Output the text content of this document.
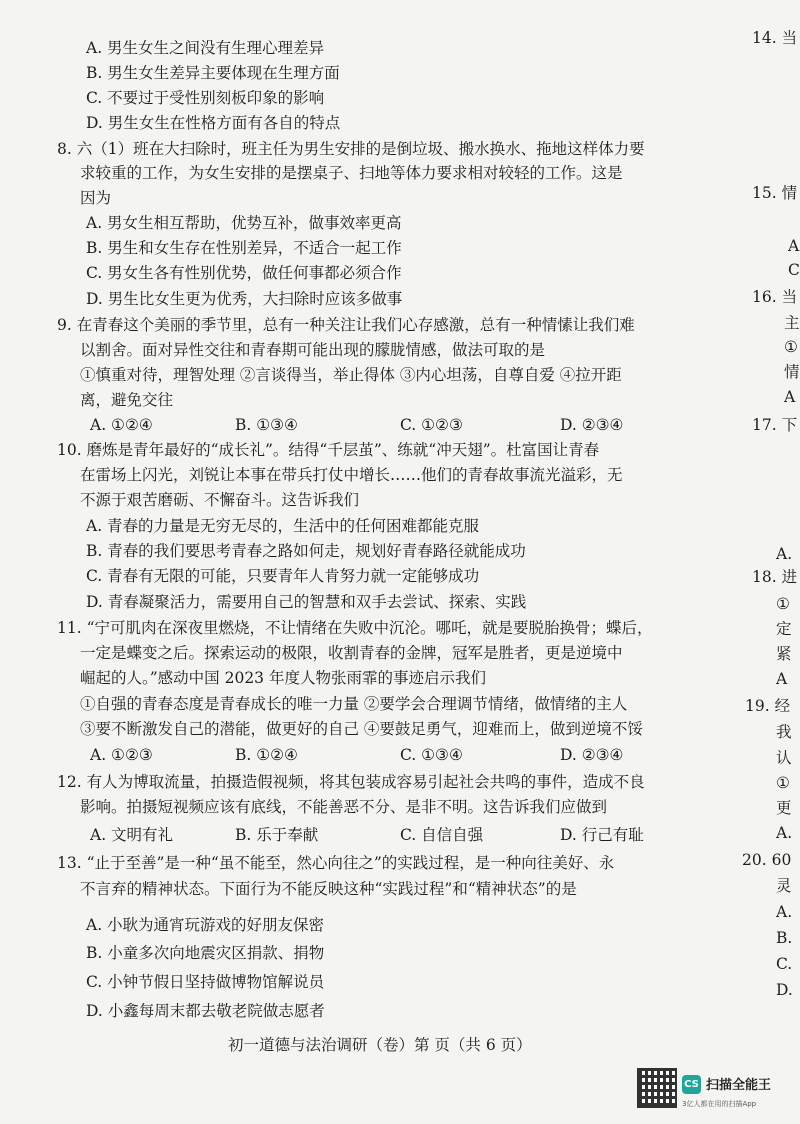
A. 男生女生之间没有生理心理差异
B. 男生女生差异主要体现在生理方面
C. 不要过于受性别刻板印象的影响
D. 男生女生在性格方面有各自的特点
8. 六（1）班在大扫除时，班主任为男生安排的是倒垃圾、搬水换水、拖地这样体力要
求较重的工作，为女生安排的是摆桌子、扫地等体力要求相对较轻的工作。这是
因为
A. 男女生相互帮助，优势互补，做事效率更高
B. 男生和女生存在性别差异，不适合一起工作
C. 男女生各有性别优势，做任何事都必须合作
D. 男生比女生更为优秀，大扫除时应该多做事
9. 在青春这个美丽的季节里，总有一种关注让我们心存感激，总有一种情愫让我们难
以割舍。面对异性交往和青春期可能出现的朦胧情感，做法可取的是
①慎重对待，理智处理 ②言谈得当，举止得体 ③内心坦荡，自尊自爱 ④拉开距
离，避免交往
A. ①②④	B. ①③④	C. ①②③	D. ②③④
10. 磨炼是青年最好的“成长礼”。结得“千层茧”、练就“冲天翅”。杜富国让青春
在雷场上闪光，刘锐让本事在带兵打仗中增长……他们的青春故事流光溢彩，无
不源于艰苦磨砺、不懈奋斗。这告诉我们
A. 青春的力量是无穷无尽的，生活中的任何困难都能克服
B. 青春的我们要思考青春之路如何走，规划好青春路径就能成功
C. 青春有无限的可能，只要青年人肯努力就一定能够成功
D. 青春凝聚活力，需要用自己的智慧和双手去尝试、探索、实践
11. “宁可肌肉在深夜里燃烧，不让情绪在失败中沉沦。哪吒，就是要脱胎换骨；蝶后，
一定是蝶变之后。探索运动的极限，收割青春的金牌，冠军是胜者，更是逆境中
崛起的人。”感动中国 2023 年度人物张雨霏的事迹启示我们
①自强的青春态度是青春成长的唯一力量 ②要学会合理调节情绪，做情绪的主人
③要不断激发自己的潜能，做更好的自己 ④要鼓足勇气，迎难而上，做到逆境不馁
A. ①②③	B. ①②④	C. ①③④	D. ②③④
12. 有人为博取流量，拍摄造假视频，将其包装成容易引起社会共鸣的事件，造成不良
影响。拍摄短视频应该有底线，不能善恶不分、是非不明。这告诉我们应做到
A. 文明有礼	B. 乐于奉献	C. 自信自强	D. 行己有耻
13. “止于至善”是一种“虽不能至，然心向往之”的实践过程，是一种向往美好、永
不言弃的精神状态。下面行为不能反映这种“实践过程”和“精神状态”的是
A. 小耿为通宵玩游戏的好朋友保密
B. 小童多次向地震灾区捐款、捐物
C. 小钟节假日坚持做博物馆解说员
D. 小鑫每周末都去敬老院做志愿者
14. 当
15. 情
A
C
16. 当
主
①
情
A
17. 下
A.
18. 进
①
定
紧
A
19. 经
我
认
①
更
A.
20. 60
灵
A.
B.
C.
D.
初一道德与法治调研（卷）第 页（共 6 页）
CS 扫描全能王
3亿人都在用的扫描App
